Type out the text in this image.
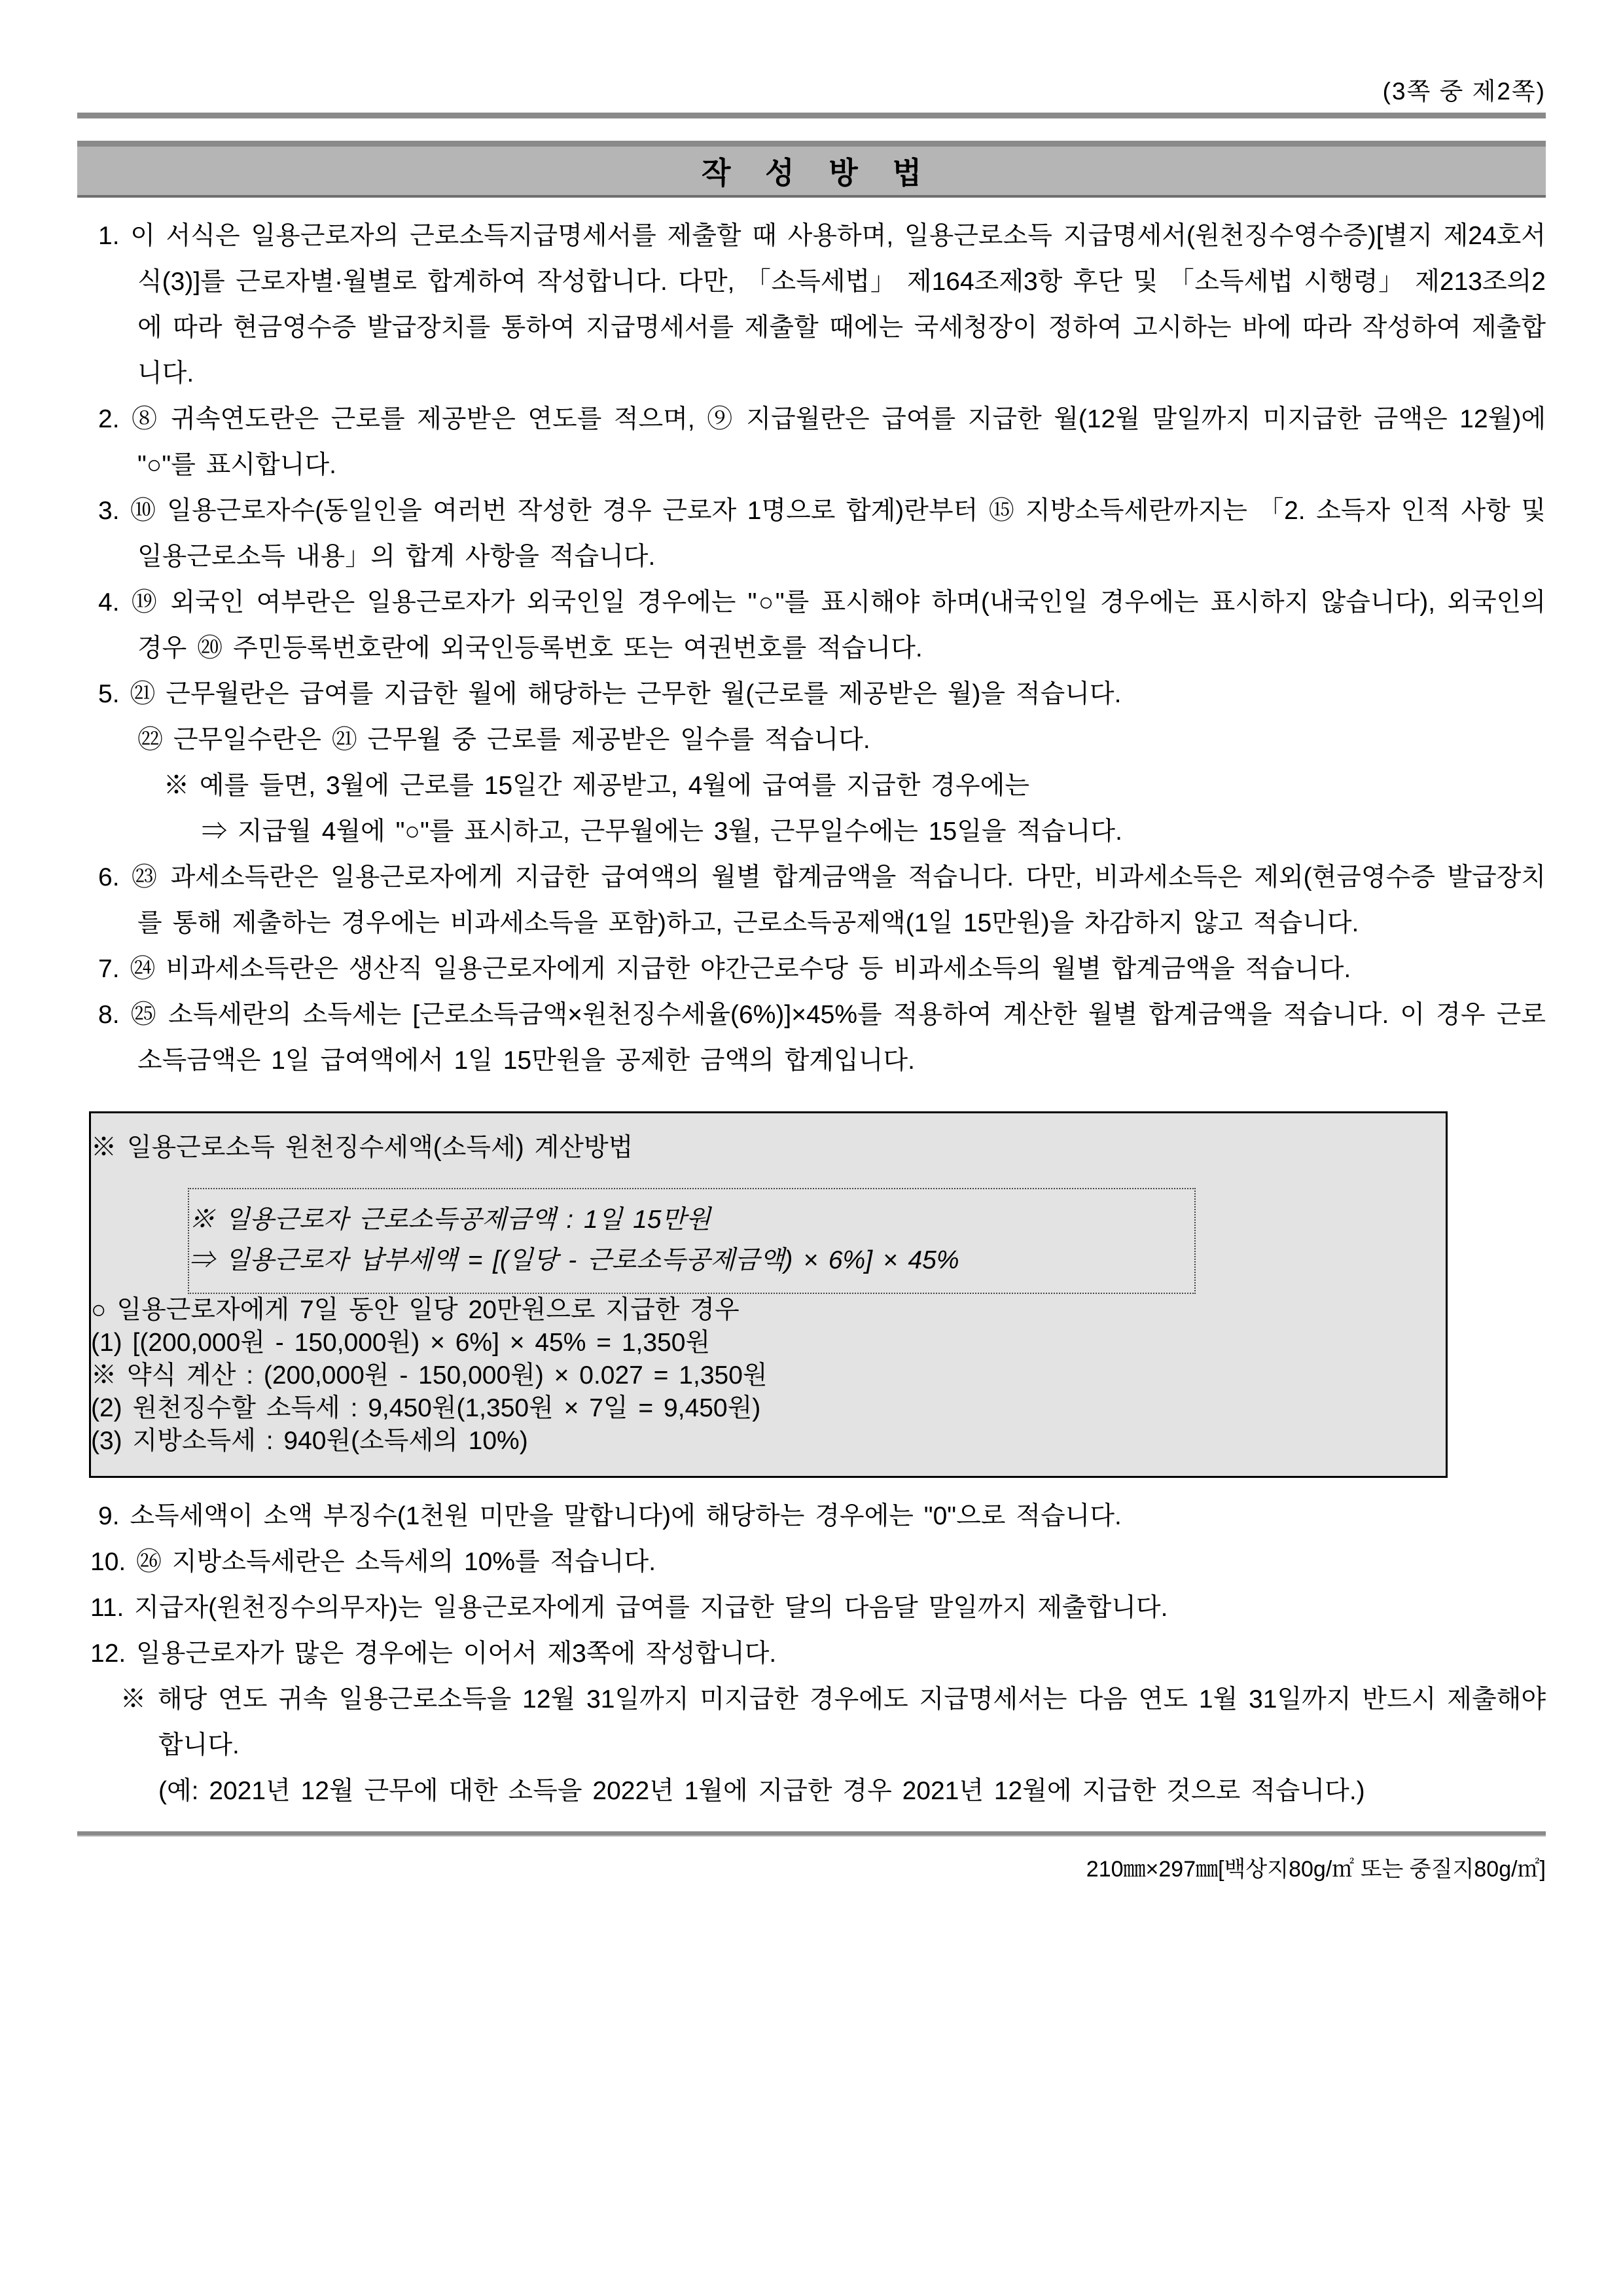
(3쪽 중 제2쪽)
작 성 방 법

1. 이 서식은 일용근로자의 근로소득지급명세서를 제출할 때 사용하며, 일용근로소득 지급명세서(원천징수영수증)[별지 제24호서식(3)]를 근로자별·월별로 합계하여 작성합니다. 다만, 「소득세법」 제164조제3항 후단 및 「소득세법 시행령」 제213조의2에 따라 현금영수증 발급장치를 통하여 지급명세서를 제출할 때에는 국세청장이 정하여 고시하는 바에 따라 작성하여 제출합니다.

2. ⑧ 귀속연도란은 근로를 제공받은 연도를 적으며, ⑨ 지급월란은 급여를 지급한 월(12월 말일까지 미지급한 금액은 12월)에 "○"를 표시합니다.

3. ⑩ 일용근로자수(동일인을 여러번 작성한 경우 근로자 1명으로 합계)란부터 ⑮ 지방소득세란까지는 「2. 소득자 인적 사항 및 일용근로소득 내용」의 합계 사항을 적습니다.

4. ⑲ 외국인 여부란은 일용근로자가 외국인일 경우에는 "○"를 표시해야 하며(내국인일 경우에는 표시하지 않습니다), 외국인의 경우 ⑳ 주민등록번호란에 외국인등록번호 또는 여권번호를 적습니다.

5. ㉑ 근무월란은 급여를 지급한 월에 해당하는 근무한 월(근로를 제공받은 월)을 적습니다.

㉒ 근무일수란은 ㉑ 근무월 중 근로를 제공받은 일수를 적습니다.

※ 예를 들면, 3월에 근로를 15일간 제공받고, 4월에 급여를 지급한 경우에는

⇒ 지급월 4월에 "○"를 표시하고, 근무월에는 3월, 근무일수에는 15일을 적습니다.

6. ㉓ 과세소득란은 일용근로자에게 지급한 급여액의 월별 합계금액을 적습니다. 다만, 비과세소득은 제외(현금영수증 발급장치를 통해 제출하는 경우에는 비과세소득을 포함)하고, 근로소득공제액(1일 15만원)을 차감하지 않고 적습니다.

7. ㉔ 비과세소득란은 생산직 일용근로자에게 지급한 야간근로수당 등 비과세소득의 월별 합계금액을 적습니다.

8. ㉕ 소득세란의 소득세는 [근로소득금액×원천징수세율(6%)]×45%를 적용하여 계산한 월별 합계금액을 적습니다. 이 경우 근로소득금액은 1일 급여액에서 1일 15만원을 공제한 금액의 합계입니다.

※ 일용근로소득 원천징수세액(소득세) 계산방법

※ 일용근로자 근로소득공제금액 : 1일 15만원

⇒ 일용근로자 납부세액 = [(일당 - 근로소득공제금액) × 6%] × 45%

○ 일용근로자에게 7일 동안 일당 20만원으로 지급한 경우

(1) [(200,000원 - 150,000원) × 6%] × 45% = 1,350원

※ 약식 계산 : (200,000원 - 150,000원) × 0.027 = 1,350원

(2) 원천징수할 소득세 : 9,450원(1,350원 × 7일 = 9,450원)

(3) 지방소득세 : 940원(소득세의 10%)

9. 소득세액이 소액 부징수(1천원 미만을 말합니다)에 해당하는 경우에는 "0"으로 적습니다.

10. ㉖ 지방소득세란은 소득세의 10%를 적습니다.

11. 지급자(원천징수의무자)는 일용근로자에게 급여를 지급한 달의 다음달 말일까지 제출합니다.

12. 일용근로자가 많은 경우에는 이어서 제3쪽에 작성합니다.

※ 해당 연도 귀속 일용근로소득을 12월 31일까지 미지급한 경우에도 지급명세서는 다음 연도 1월 31일까지 반드시 제출해야 합니다.

(예: 2021년 12월 근무에 대한 소득을 2022년 1월에 지급한 경우 2021년 12월에 지급한 것으로 적습니다.)

210㎜×297㎜[백상지80g/㎡ 또는 중질지80g/㎡]
